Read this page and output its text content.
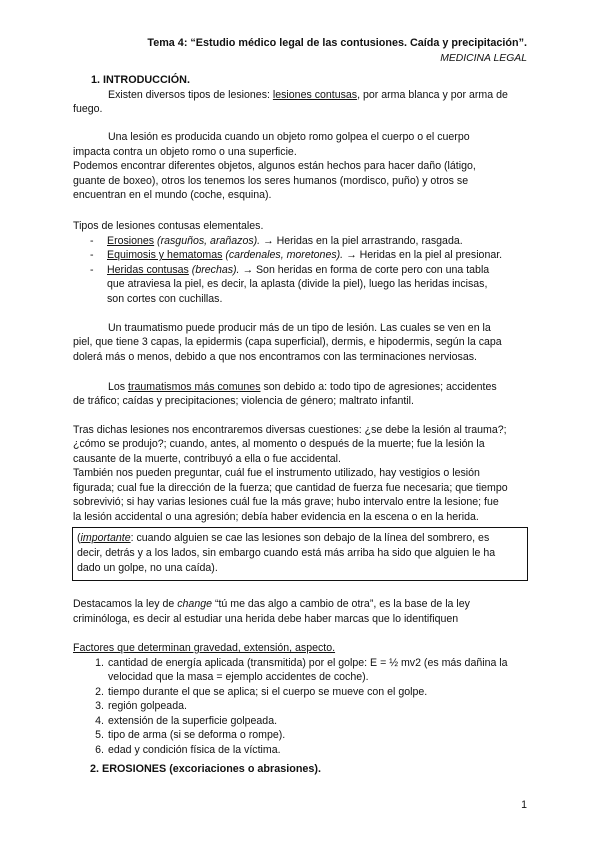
Tema 4: “Estudio médico legal de las contusiones. Caída y precipitación”.
MEDICINA LEGAL
1. INTRODUCCIÓN.
Existen diversos tipos de lesiones: lesiones contusas, por arma blanca y por arma de
fuego.
Una lesión es producida cuando un objeto romo golpea el cuerpo o el cuerpo
impacta contra un objeto romo o una superficie.
Podemos encontrar diferentes objetos, algunos están hechos para hacer daño (látigo,
guante de boxeo), otros los tenemos los seres humanos (mordisco, puño) y otros se
encuentran en el mundo (coche, esquina).
Tipos de lesiones contusas elementales.
- Erosiones (rasguños, arañazos). → Heridas en la piel arrastrando, rasgada.
- Equimosis y hematomas (cardenales, moretones). → Heridas en la piel al presionar.
- Heridas contusas (brechas). → Son heridas en forma de corte pero con una tabla
que atraviesa la piel, es decir, la aplasta (divide la piel), luego las heridas incisas,
son cortes con cuchillas.
Un traumatismo puede producir más de un tipo de lesión. Las cuales se ven en la
piel, que tiene 3 capas, la epidermis (capa superficial), dermis, e hipodermis, según la capa
dolerá más o menos, debido a que nos encontramos con las terminaciones nerviosas.
Los traumatismos más comunes son debido a: todo tipo de agresiones; accidentes
de tráfico; caídas y precipitaciones; violencia de género; maltrato infantil.
Tras dichas lesiones nos encontraremos diversas cuestiones: ¿se debe la lesión al trauma?;
¿cómo se produjo?; cuando, antes, al momento o después de la muerte; fue la lesión la
causante de la muerte, contribuyó a ella o fue accidental.
También nos pueden preguntar, cuál fue el instrumento utilizado, hay vestigios o lesión
figurada; cual fue la dirección de la fuerza; que cantidad de fuerza fue necesaria; que tiempo
sobrevivió; si hay varias lesiones cuál fue la más grave; hubo intervalo entre la lesione; fue
la lesión accidental o una agresión; debía haber evidencia en la escena o en la herida.
(importante: cuando alguien se cae las lesiones son debajo de la línea del sombrero, es
decir, detrás y a los lados, sin embargo cuando está más arriba ha sido que alguien le ha
dado un golpe, no una caída).
Destacamos la ley de change “tú me das algo a cambio de otra”, es la base de la ley
criminóloga, es decir al estudiar una herida debe haber marcas que lo identifiquen
Factores que determinan gravedad, extensión, aspecto.
1. cantidad de energía aplicada (transmitida) por el golpe: E = ½ mv2 (es más dañina la
velocidad que la masa = ejemplo accidentes de coche).
2. tiempo durante el que se aplica; si el cuerpo se mueve con el golpe.
3. región golpeada.
4. extensión de la superficie golpeada.
5. tipo de arma (si se deforma o rompe).
6. edad y condición física de la víctima.
2. EROSIONES (excoriaciones o abrasiones).
1
